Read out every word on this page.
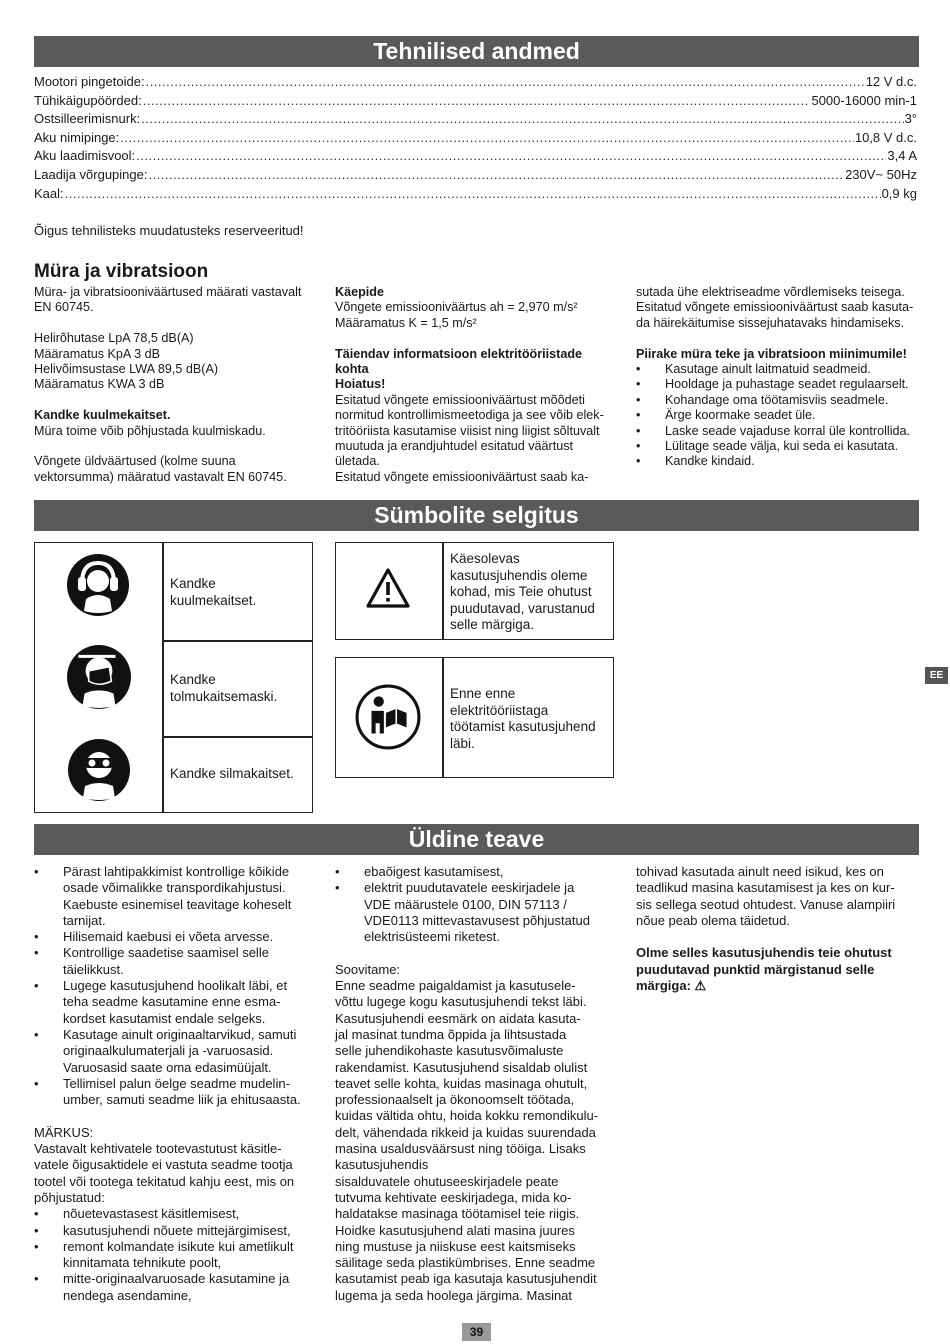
Tehnilised andmed
Sümbolite selgitus
Üldine teave
Mootori pingetoide: .....	12 V d.c.
Tühikäigupöörded: .....	5000-16000 min-1
Ostsilleerimisnurk: .....	3°
Aku nimipinge: .....	10,8 V d.c.
Aku laadimisvool: .....	3,4 A
Laadija võrgupinge: .....	230V~ 50Hz
Kaal: .....	0,9 kg
Õigus tehnilisteks muudatusteks reserveeritud!
Müra ja vibratsioon

Müra- ja vibratsiooniväärtused määrati vastavalt

EN 60745.

Helirõhutase LpA 78,5 dB(A)

Määramatus KpA 3 dB

Helivõimsustase LWA 89,5 dB(A)

Määramatus KWA 3 dB

Kandke kuulmekaitset.

Müra toime võib põhjustada kuulmiskadu.

Võngete üldväärtused (kolme suuna

vektorsumma) määratud vastavalt EN 60745.

Käepide

Võngete emissiooniväärtus ah = 2,970 m/s²

Määramatus K = 1,5 m/s²

Täiendav informatsioon elektritööriistade

kohta

Hoiatus!

Esitatud võngete emissiooniväärtust mõõdeti

normitud kontrollimismeetodiga ja see võib elek-

tritööriista kasutamise viisist ning liigist sõltuvalt

muutuda ja erandjuhtudel esitatud väärtust

ületada.

Esitatud võngete emissiooniväärtust saab ka-

sutada ühe elektriseadme võrdlemiseks teisega.

Esitatud võngete emissiooniväärtust saab kasuta-

da häirekäitumise sissejuhatavaks hindamiseks.

Piirake müra teke ja vibratsioon miinimumile!

• Kasutage ainult laitmatuid seadmeid.
• Hooldage ja puhastage seadet regulaarselt.
• Kohandage oma töötamisviis seadmele.
• Ärge koormake seadet üle.
• Laske seade vajaduse korral üle kontrollida.
• Lülitage seade välja, kui seda ei kasutata.
• Kandke kindaid.
Kandke
kuulmekaitset.
Kandke
tolmukaitsemaski.
Kandke silmakaitset.

Käesolevas

kasutusjuhendis oleme

kohad, mis Teie ohutust

puudutavad, varustanud

selle märgiga.

Enne enne

elektritööriistaga

töötamist kasutusjuhend

läbi.

• Pärast lahtipakkimist kontrollige kõikide
osade võimalikke transpordikahjustusi.
Kaebuste esinemisel teavitage koheselt
tarnijat.
• Hilisemaid kaebusi ei võeta arvesse.
• Kontrollige saadetise saamisel selle
täielikkust.
• Lugege kasutusjuhend hoolikalt läbi, et
teha seadme kasutamine enne esma-
kordset kasutamist endale selgeks.
• Kasutage ainult originaaltarvikud, samuti
originaalkulumaterjali ja -varuosasid.
Varuosasid saate oma edasimüüjalt.
• Tellimisel palun öelge seadme mudelin-
umber, samuti seadme liik ja ehitusaasta.

MÄRKUS:

Vastavalt kehtivatele tootevastutust käsitle-

vatele õigusaktidele ei vastuta seadme tootja

tootel või tootega tekitatud kahju eest, mis on

põhjustatud:

• nõuetevastasest käsitlemisest,
• kasutusjuhendi nõuete mittejärgimisest,
• remont kolmandate isikute kui ametlikult
kinnitamata tehnikute poolt,
• mitte-originaalvaruosade kasutamine ja
nendega asendamine,
• ebaõigest kasutamisest,
• elektrit puudutavatele eeskirjadele ja
VDE määrustele 0100, DIN 57113 /
VDE0113 mittevastavusest põhjustatud
elektrisüsteemi riketest.

Soovitame:

Enne seadme paigaldamist ja kasutusele-

võttu lugege kogu kasutusjuhendi tekst läbi.

Kasutusjuhendi eesmärk on aidata kasuta-

jal masinat tundma õppida ja lihtsustada

selle juhendikohaste kasutusvõimaluste

rakendamist. Kasutusjuhend sisaldab olulist

teavet selle kohta, kuidas masinaga ohutult,

professionaalselt ja ökonoomselt töötada,

kuidas vältida ohtu, hoida kokku remondikulu-

delt, vähendada rikkeid ja kuidas suurendada

masina usaldusväärsust ning tööiga. Lisaks

kasutusjuhendis

sisalduvatele ohutuseeskirjadele peate

tutvuma kehtivate eeskirjadega, mida ko-

haldatakse masinaga töötamisel teie riigis.

Hoidke kasutusjuhend alati masina juures

ning mustuse ja niiskuse eest kaitsmiseks

säilitage seda plastikümbrises. Enne seadme

kasutamist peab iga kasutaja kasutusjuhendit

lugema ja seda hoolega järgima. Masinat

tohivad kasutada ainult need isikud, kes on

teadlikud masina kasutamisest ja kes on kur-

sis sellega seotud ohtudest. Vanuse alampiiri

nõue peab olema täidetud.

Olme selles kasutusjuhendis teie ohutust

puudutavad punktid märgistanud selle

märgiga: ⚠

EE
39
